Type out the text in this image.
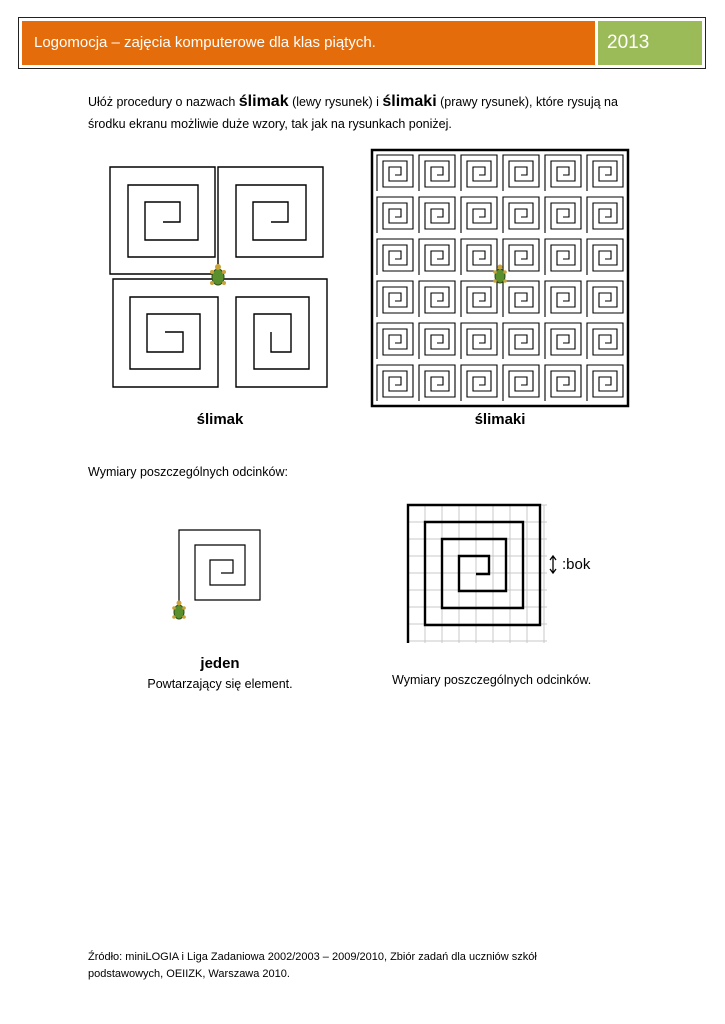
Logomocja – zajęcia komputerowe dla klas piątych.	2013
Ułóż procedury o nazwach ślimak (lewy rysunek) i ślimaki (prawy rysunek), które rysują na środku ekranu możliwie duże wzory, tak jak na rysunkach poniżej.
ślimak	ślimaki
Wymiary poszczególnych odcinków:
jeden
Powtarzający się element.
:bok
Wymiary poszczególnych odcinków.
Źródło: miniLOGIA i Liga Zadaniowa 2002/2003 – 2009/2010, Zbiór zadań dla uczniów szkół podstawowych, OEIIZK, Warszawa 2010.
